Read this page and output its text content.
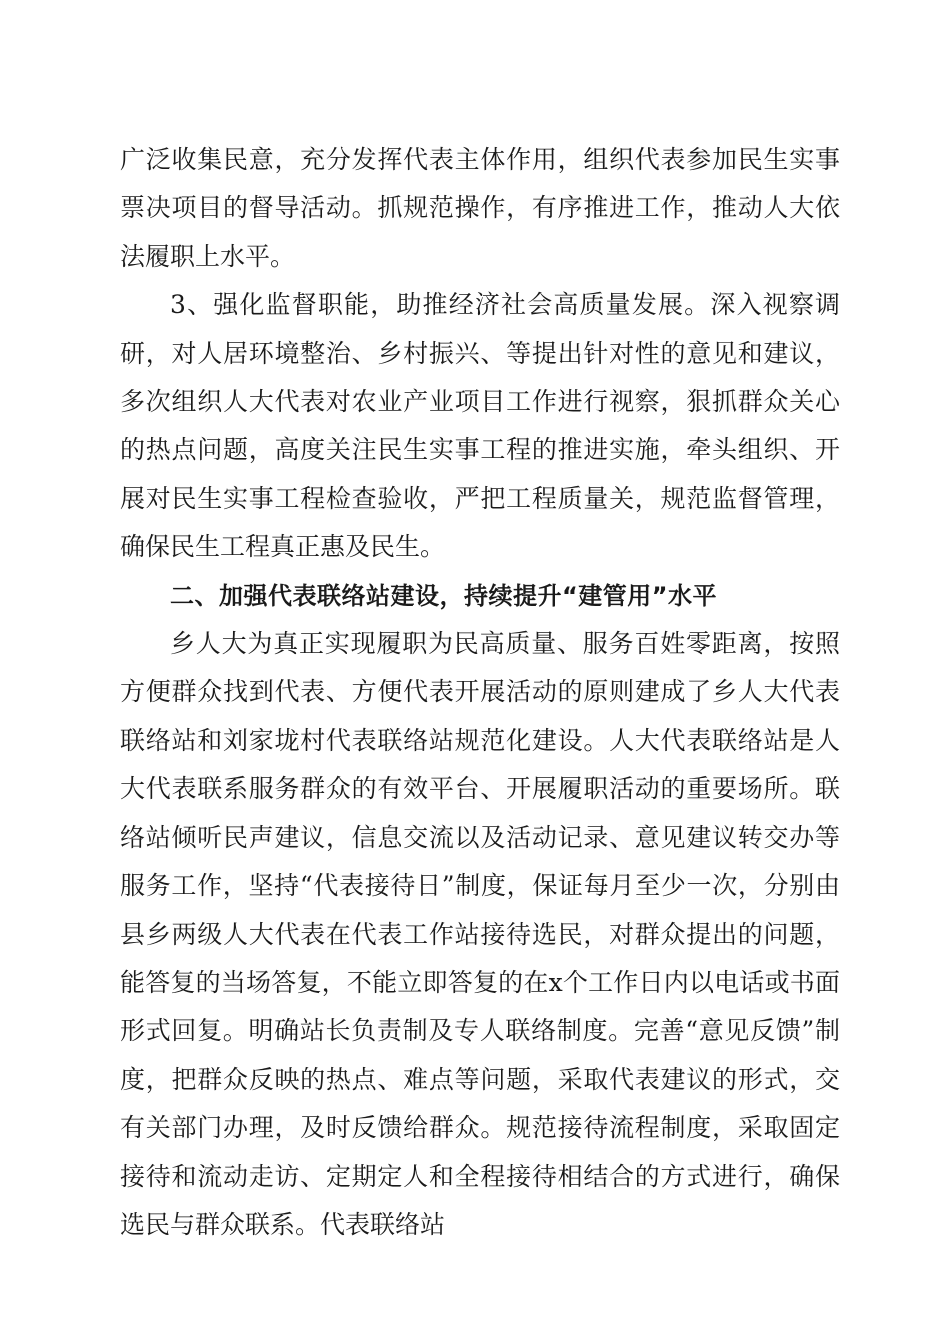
广泛收集民意，充分发挥代表主体作用，组织代表参加民生实事票决项目的督导活动。抓规范操作，有序推进工作，推动人大依法履职上水平。

3、强化监督职能，助推经济社会高质量发展。深入视察调研，对人居环境整治、乡村振兴、等提出针对性的意见和建议，多次组织人大代表对农业产业项目工作进行视察，狠抓群众关心的热点问题，高度关注民生实事工程的推进实施，牵头组织、开展对民生实事工程检查验收，严把工程质量关，规范监督管理，确保民生工程真正惠及民生。

二、加强代表联络站建设，持续提升“建管用”水平

乡人大为真正实现履职为民高质量、服务百姓零距离，按照方便群众找到代表、方便代表开展活动的原则建成了乡人大代表联络站和刘家垅村代表联络站规范化建设。人大代表联络站是人大代表联系服务群众的有效平台、开展履职活动的重要场所。联络站倾听民声建议，信息交流以及活动记录、意见建议转交办等服务工作，坚持“代表接待日”制度，保证每月至少一次，分别由县乡两级人大代表在代表工作站接待选民，对群众提出的问题，能答复的当场答复，不能立即答复的在x个工作日内以电话或书面形式回复。明确站长负责制及专人联络制度。完善“意见反馈”制度，把群众反映的热点、难点等问题，采取代表建议的形式，交有关部门办理，及时反馈给群众。规范接待流程制度，采取固定接待和流动走访、定期定人和全程接待相结合的方式进行，确保选民与群众联系。代表联络站
